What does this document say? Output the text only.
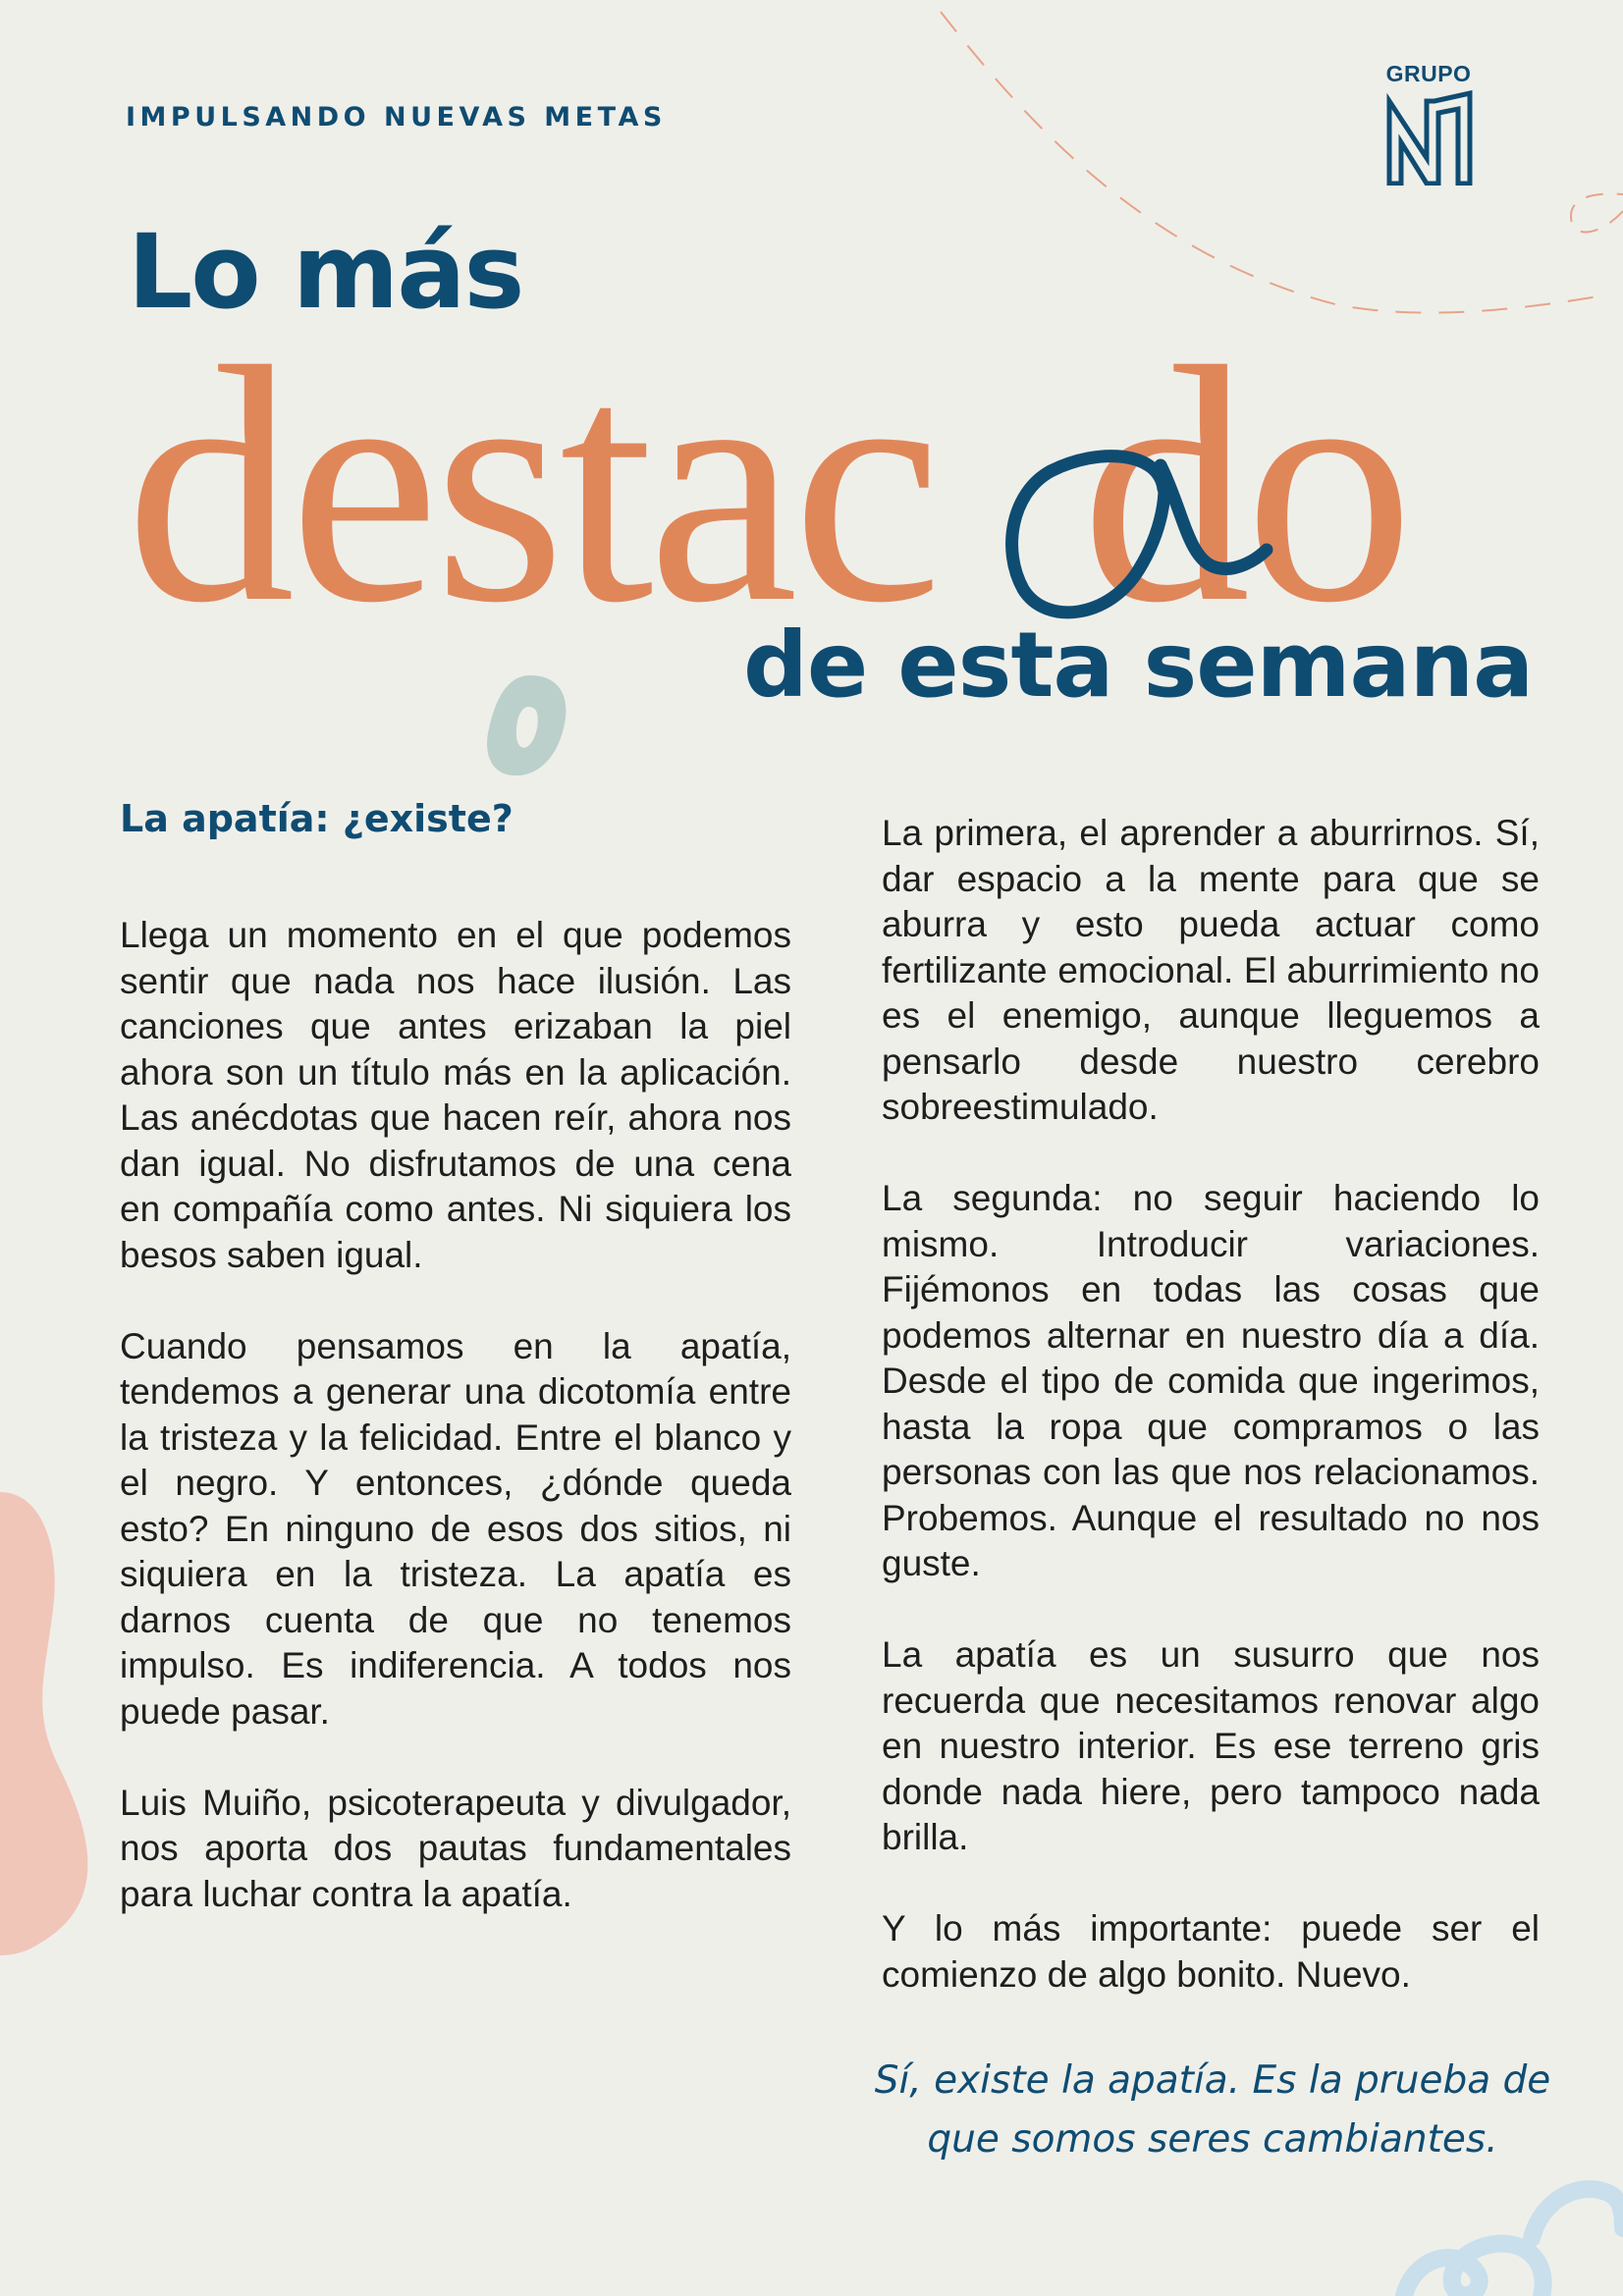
IMPULSANDO NUEVAS METAS
GRUPO
Lo más
destacado
de esta semana
La apatía: ¿existe?

Llega un momento en el que podemos sentir que nada nos hace ilusión. Las canciones que antes erizaban la piel ahora son un título más en la aplicación. Las anécdotas que hacen reír, ahora nos dan igual. No disfrutamos de una cena en compañía como antes. Ni siquiera los besos saben igual.

Cuando pensamos en la apatía, tendemos a generar una dicotomía entre la tristeza y la felicidad. Entre el blanco y el negro. Y entonces, ¿dónde queda esto? En ninguno de esos dos sitios, ni siquiera en la tristeza. La apatía es darnos cuenta de que no tenemos impulso. Es indiferencia. A todos nos puede pasar.

Luis Muiño, psicoterapeuta y divulgador, nos aporta dos pautas fundamentales para luchar contra la apatía.

La primera, el aprender a aburrirnos. Sí, dar espacio a la mente para que se aburra y esto pueda actuar como fertilizante emocional. El aburrimiento no es el enemigo, aunque lleguemos a pensarlo desde nuestro cerebro sobreestimulado.

La segunda: no seguir haciendo lo mismo. Introducir variaciones. Fijémonos en todas las cosas que podemos alternar en nuestro día a día. Desde el tipo de comida que ingerimos, hasta la ropa que compramos o las personas con las que nos relacionamos. Probemos. Aunque el resultado no nos guste.

La apatía es un susurro que nos recuerda que necesitamos renovar algo en nuestro interior. Es ese terreno gris donde nada hiere, pero tampoco nada brilla.

Y lo más importante: puede ser el comienzo de algo bonito. Nuevo.

Sí, existe la apatía. Es la prueba de que somos seres cambiantes.
